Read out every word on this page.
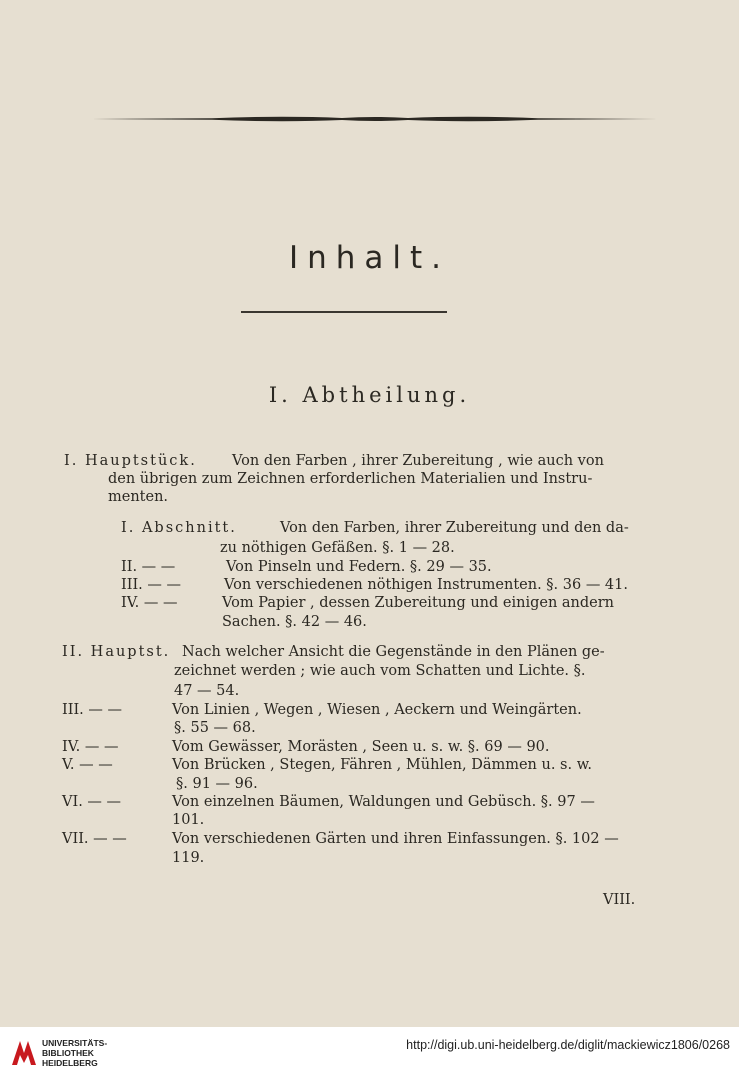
Inhalt.
I. Abtheilung.
I. Hauptstück. Von den Farben , ihrer Zubereitung , wie auch von
den übrigen zum Zeichnen erforderlichen Materialien und Instru-
menten.
I. Abschnitt.	Von den Farben, ihrer Zubereitung und den da-
zu nöthigen Gefäßen. §. 1 — 28.
II. — —	Von Pinseln und Federn. §. 29 — 35.
III. — —	Von verschiedenen nöthigen Instrumenten. §. 36 — 41.
IV. — —	Vom Papier , dessen Zubereitung und einigen andern
Sachen. §. 42 — 46.
II. Hauptst. Nach welcher Ansicht die Gegenstände in den Plänen ge-
zeichnet werden ; wie auch vom Schatten und Lichte. §.
47 — 54.
III. — —	Von Linien , Wegen , Wiesen , Aeckern und Weingärten.
§. 55 — 68.
IV. — —	Vom Gewässer, Morästen , Seen u. s. w. §. 69 — 90.
V. — —	Von Brücken , Stegen, Fähren , Mühlen, Dämmen u. s. w.
§. 91 — 96.
VI. — —	Von einzelnen Bäumen, Waldungen und Gebüsch. §. 97 —
101.
VII. — —	Von verschiedenen Gärten und ihren Einfassungen. §. 102 —
119.
VIII.
UNIVERSITÄTS-
BIBLIOTHEK
HEIDELBERG
http://digi.ub.uni-heidelberg.de/diglit/mackiewicz1806/0268
